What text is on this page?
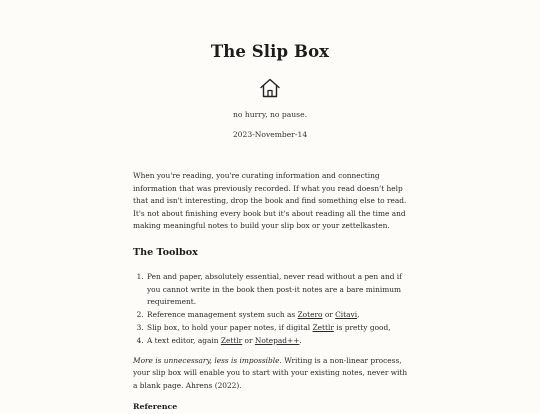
The Slip Box
no hurry, no pause.
2023-November-14

When you're reading, you're curating information and connecting information that was previously recorded. If what you read doesn't help that and isn't interesting, drop the book and find something else to read. It's not about finishing every book but it's about reading all the time and making meaningful notes to build your slip box or your zettelkasten.

The Toolbox
1. Pen and paper, absolutely essential, never read without a pen and if you cannot write in the book then post-it notes are a bare minimum requirement.
2. Reference management system such as Zotero or Citavi,
3. Slip box, to hold your paper notes, if digital Zettlr is pretty good,
4. A text editor, again Zettlr or Notepad++.

More is unnecessary, less is impossible. Writing is a non-linear process, your slip box will enable you to start with your existing notes, never with a blank page. Ahrens (2022).

Reference
